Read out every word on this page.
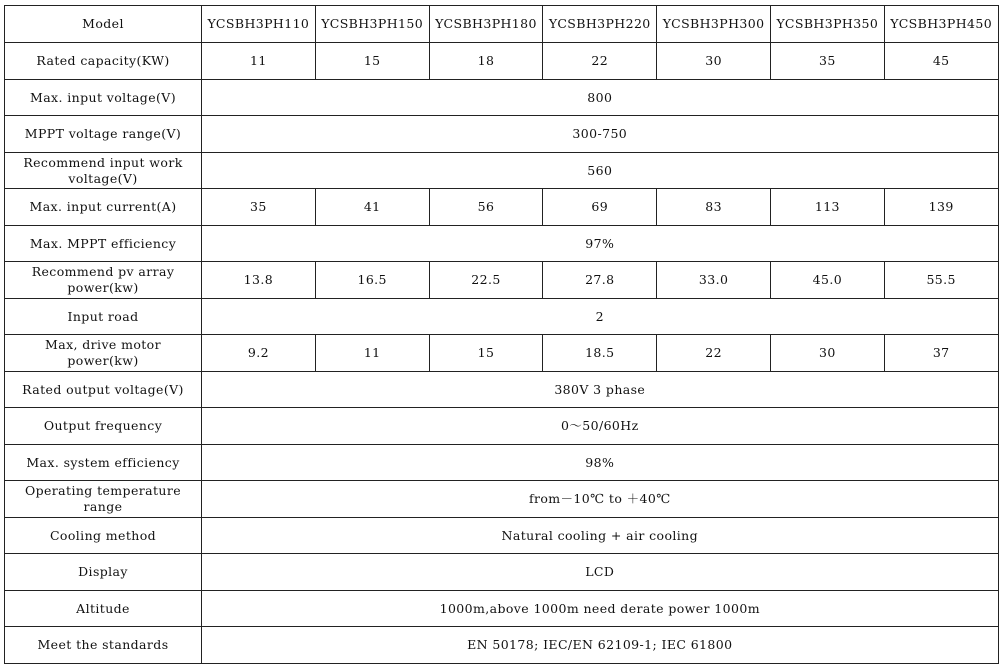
Model	YCSBH3PH110	YCSBH3PH150	YCSBH3PH180	YCSBH3PH220	YCSBH3PH300	YCSBH3PH350	YCSBH3PH450
Rated capacity(KW)	11	15	18	22	30	35	45
Max. input voltage(V)	800						
MPPT voltage range(V)	300-750						
Recommend input work voltage(V)	560						
Max. input current(A)	35	41	56	69	83	113	139
Max. MPPT efficiency	97%						
Recommend pv array power(kw)	13.8	16.5	22.5	27.8	33.0	45.0	55.5
Input road	2						
Max, drive motor power(kw)	9.2	11	15	18.5	22	30	37
Rated output voltage(V)	380V 3 phase						
Output frequency	0～50/60Hz						
Max. system efficiency	98%						
Operating temperature range	from－10℃ to ＋40℃						
Cooling method	Natural cooling + air cooling						
Display	LCD						
Altitude	1000m,above 1000m need derate power 1000m						
Meet the standards	EN 50178; IEC/EN 62109-1; IEC 61800						
